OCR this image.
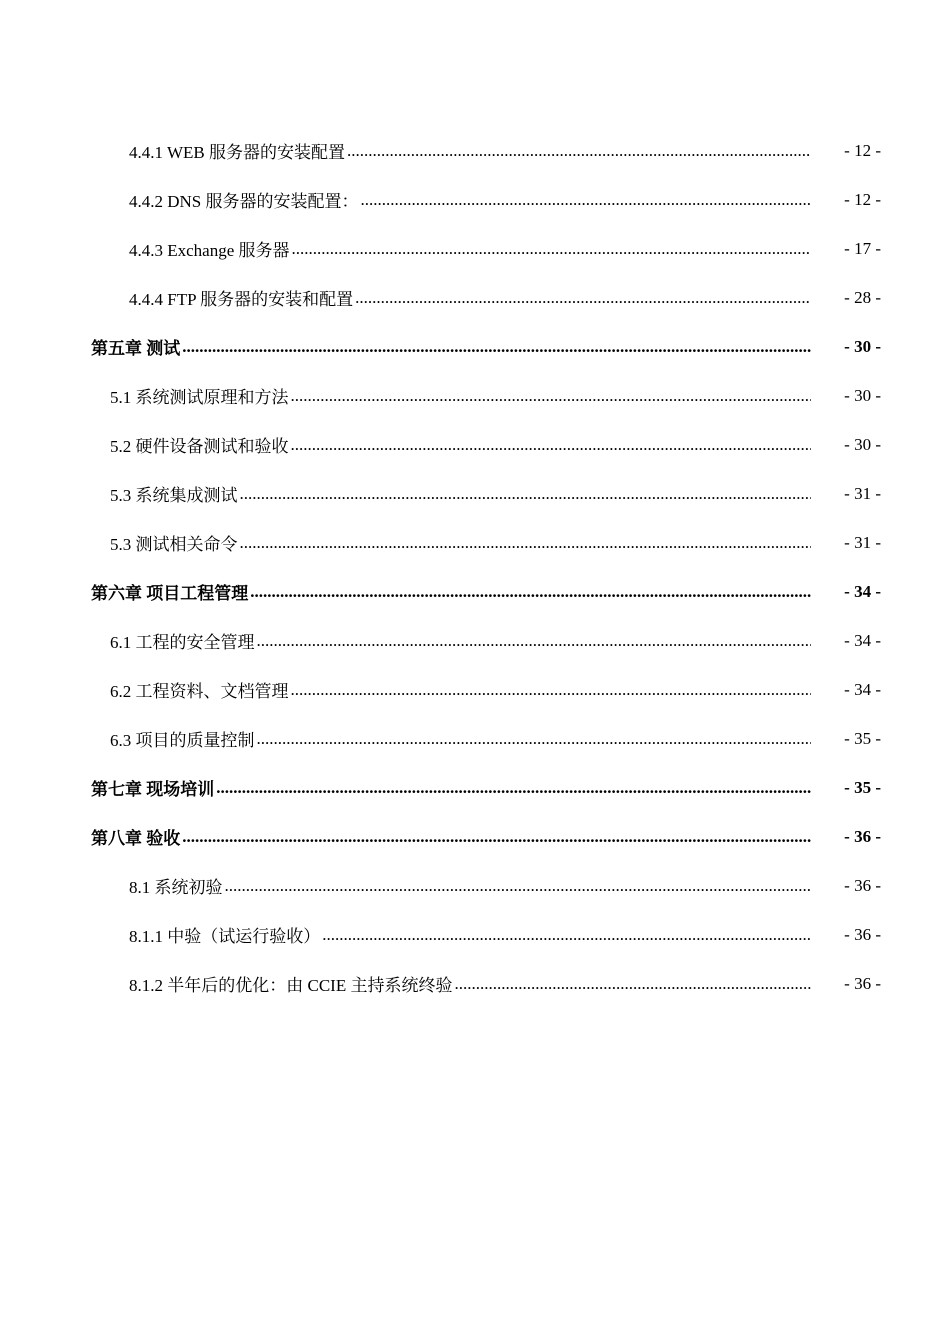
4.4.1 WEB 服务器的安装配置 .....	- 12 -
4.4.2 DNS 服务器的安装配置： .....	- 12 -
4.4.3 Exchange 服务器 .....	- 17 -
4.4.4 FTP 服务器的安装和配置 .....	- 28 -
第五章 测试 .....	- 30 -
5.1 系统测试原理和方法 .....	- 30 -
5.2 硬件设备测试和验收 .....	- 30 -
5.3 系统集成测试 .....	- 31 -
5.3 测试相关命令 .....	- 31 -
第六章 项目工程管理 .....	- 34 -
6.1 工程的安全管理 .....	- 34 -
6.2 工程资料、文档管理 .....	- 34 -
6.3 项目的质量控制 .....	- 35 -
第七章 现场培训 .....	- 35 -
第八章 验收 .....	- 36 -
8.1 系统初验 .....	- 36 -
8.1.1 中验（试运行验收） .....	- 36 -
8.1.2 半年后的优化：由 CCIE 主持系统终验 .....	- 36 -
